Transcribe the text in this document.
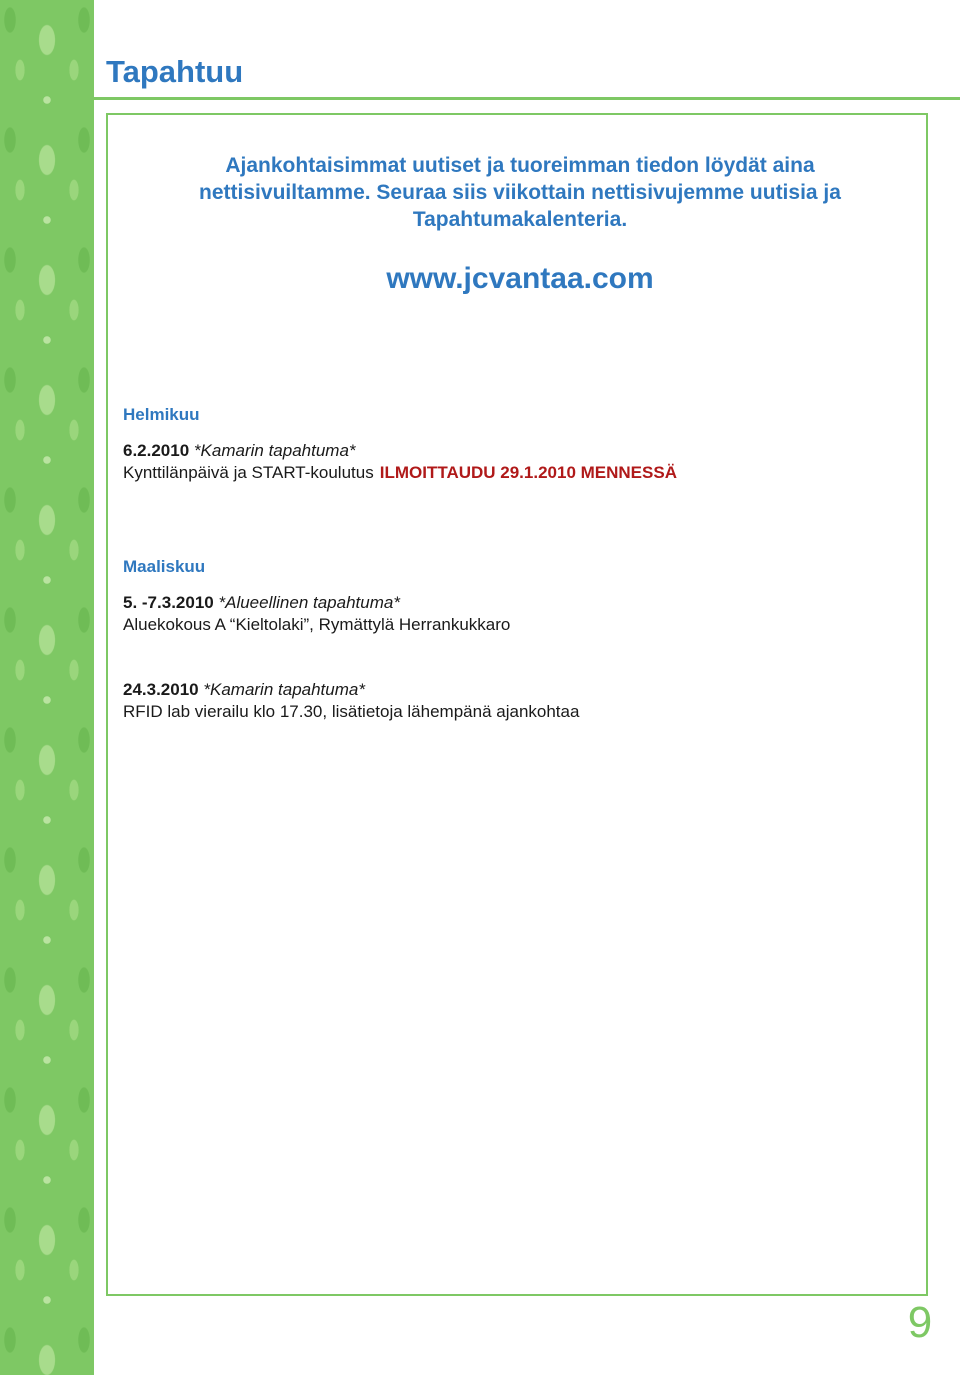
Tapahtuu
Ajankohtaisimmat uutiset ja tuoreimman tiedon löydät aina
nettisivuiltamme. Seuraa siis viikottain nettisivujemme uutisia ja
Tapahtumakalenteria.
www.jcvantaa.com
Helmikuu
6.2.2010 *Kamarin tapahtuma*
Kynttilänpäivä ja START-koulutus ILMOITTAUDU 29.1.2010 MENNESSÄ
Maaliskuu
5. -7.3.2010 *Alueellinen tapahtuma*
Aluekokous A “Kieltolaki”, Rymättylä Herrankukkaro
24.3.2010 *Kamarin tapahtuma*
RFID lab vierailu klo 17.30, lisätietoja lähempänä ajankohtaa
9
